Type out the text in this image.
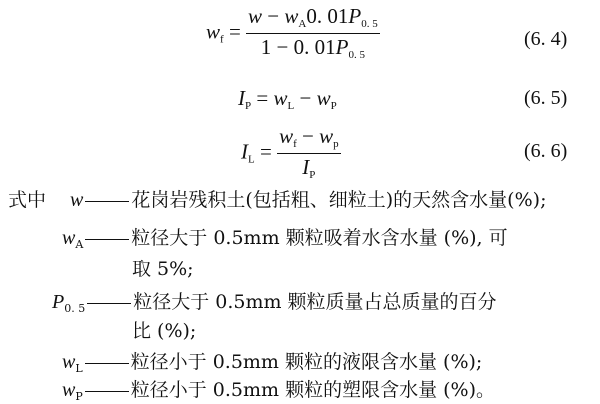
$w_f = \frac{w - w_A0. 01P_{0. 5}}{1 - 0. 01P_{0. 5}}$	(6. 4)
$I_P = w_L - w_P$	(6. 5)
$I_L = \frac{w_f - w_p}{I_P}$	(6. 6)
式中 w	花岗岩残积土(包括粗、细粒土)的天然含水量(%);
$w_A$	粒径大于 0.5mm 颗粒吸着水含水量 (%), 可
取 5%;
$P_{0. 5}$	粒径大于 0.5mm 颗粒质量占总质量的百分
比 (%);
$w_L$	粒径小于 0.5mm 颗粒的液限含水量 (%);
$w_P$	粒径小于 0.5mm 颗粒的塑限含水量 (%)。
